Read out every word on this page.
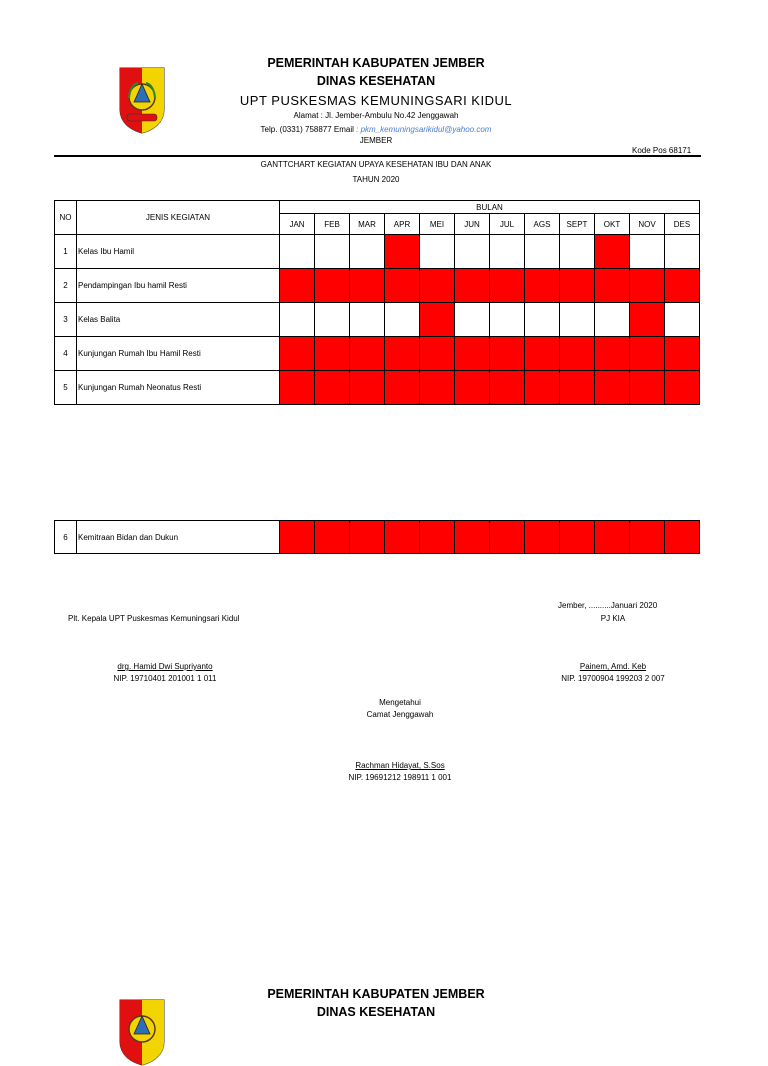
PEMERINTAH KABUPATEN JEMBER
DINAS KESEHATAN
UPT PUSKESMAS KEMUNINGSARI KIDUL
Alamat : Jl. Jember-Ambulu No.42 Jenggawah
Telp. (0331) 758877 Email : pkm_kemuningsarikidul@yahoo.com
JEMBER
Kode Pos 68171
GANTTCHART KEGIATAN UPAYA KESEHATAN IBU DAN ANAK
TAHUN 2020
NO	JENIS KEGIATAN	BULAN											
		JAN	FEB	MAR	APR	MEI	JUN	JUL	AGS	SEPT	OKT	NOV	DES
1	Kelas Ibu Hamil												
2	Pendampingan Ibu hamil Resti												
3	Kelas Balita												
4	Kunjungan Rumah Ibu Hamil Resti												
5	Kunjungan Rumah Neonatus Resti												
6	Kemitraan Bidan dan Dukun												
Jember, ..........Januari 2020
Plt. Kepala UPT Puskesmas Kemuningsari Kidul	PJ KIA
drg. Hamid Dwi Supriyanto
NIP. 19710401 201001 1 011
Painem, Amd. Keb
NIP. 19700904 199203 2 007
Mengetahui
Camat Jenggawah
Rachman Hidayat, S.Sos
NIP. 19691212 198911 1 001
PEMERINTAH KABUPATEN JEMBER
DINAS KESEHATAN
